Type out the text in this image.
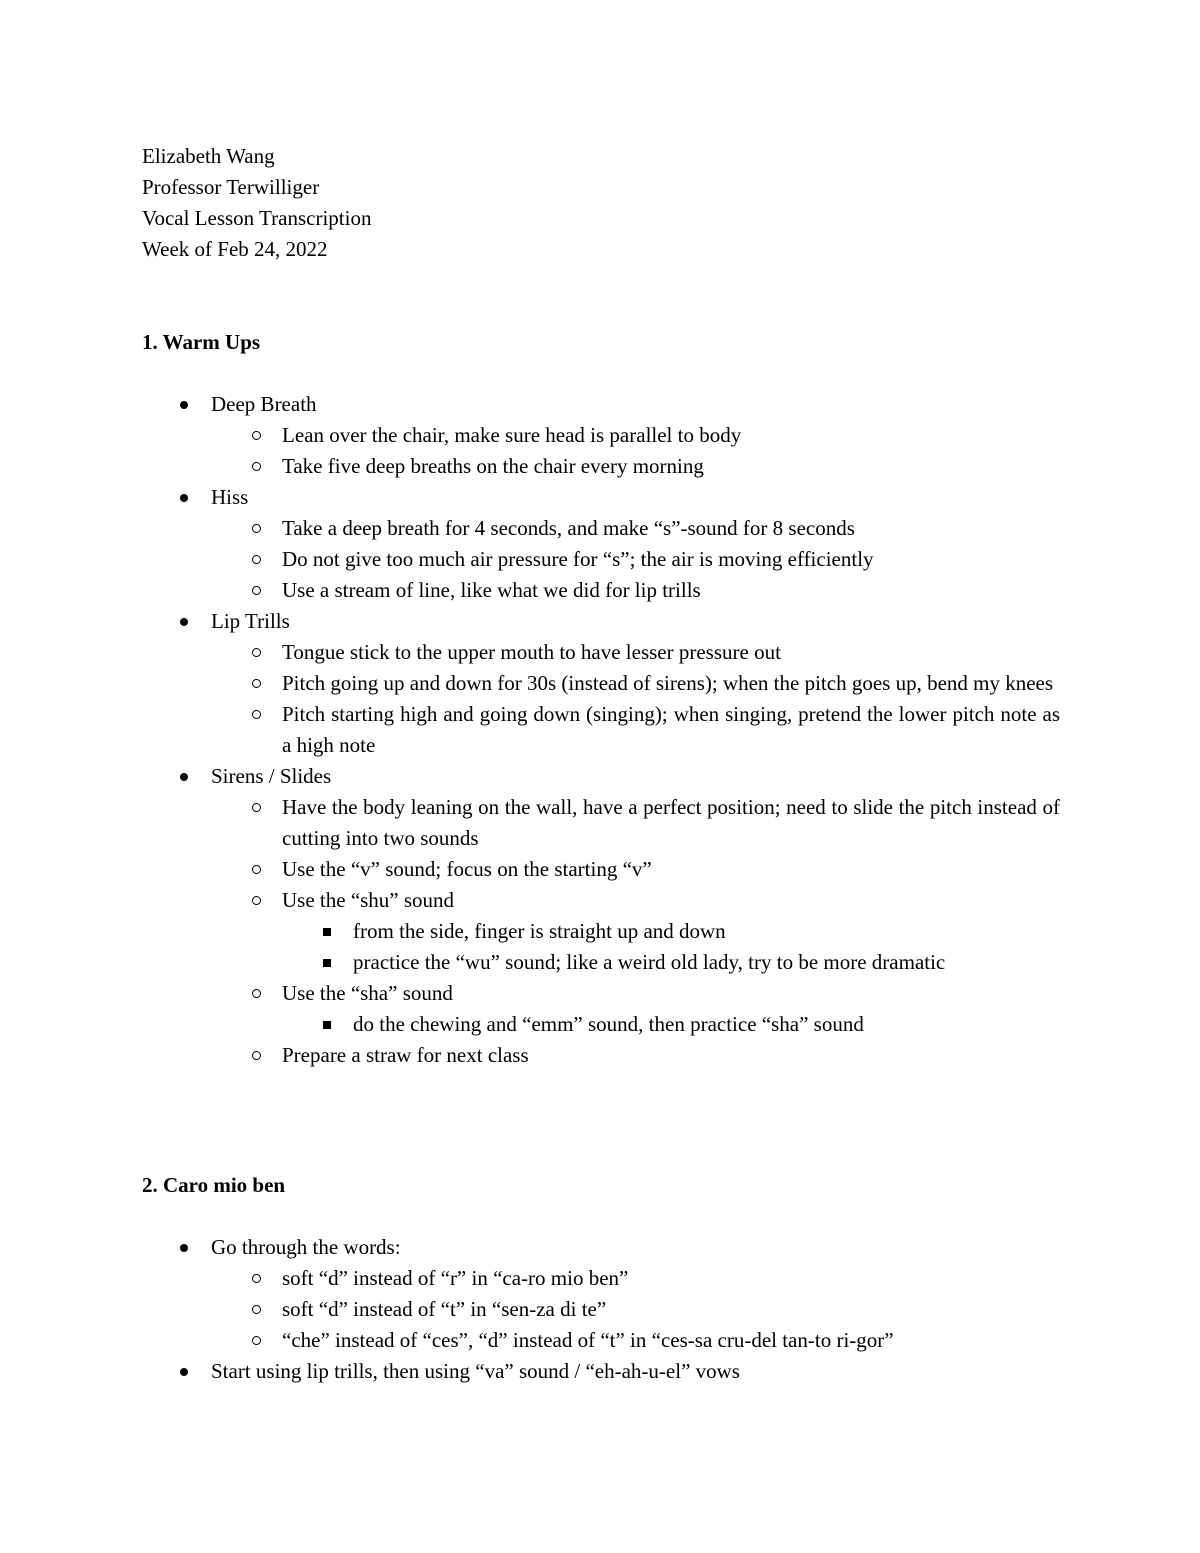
Elizabeth Wang
Professor Terwilliger
Vocal Lesson Transcription
Week of Feb 24, 2022
1. Warm Ups
Deep Breath
Lean over the chair, make sure head is parallel to body
Take five deep breaths on the chair every morning
Hiss
Take a deep breath for 4 seconds, and make “s”-sound for 8 seconds
Do not give too much air pressure for “s”; the air is moving efficiently
Use a stream of line, like what we did for lip trills
Lip Trills
Tongue stick to the upper mouth to have lesser pressure out
Pitch going up and down for 30s (instead of sirens); when the pitch goes up, bend my knees
Pitch starting high and going down (singing); when singing, pretend the lower pitch note as a high note
Sirens / Slides
Have the body leaning on the wall, have a perfect position; need to slide the pitch instead of cutting into two sounds
Use the “v” sound; focus on the starting “v”
Use the “shu” sound
from the side, finger is straight up and down
practice the “wu” sound; like a weird old lady, try to be more dramatic
Use the “sha” sound
do the chewing and “emm” sound, then practice “sha” sound
Prepare a straw for next class
2. Caro mio ben
Go through the words:
soft “d” instead of “r” in “ca-ro mio ben”
soft “d” instead of “t” in “sen-za di te”
“che” instead of “ces”, “d” instead of “t” in “ces-sa cru-del tan-to ri-gor”
Start using lip trills, then using “va” sound / “eh-ah-u-el” vows
